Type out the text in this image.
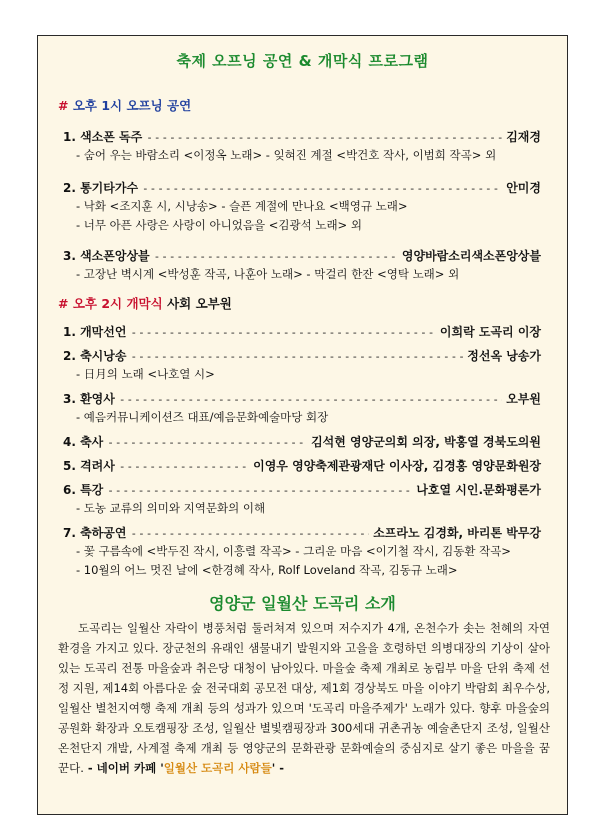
축제 오프닝 공연 & 개막식 프로그램
# 오후 1시 오프닝 공연
1. 색소폰 독주 -----	김재경
- 숨어 우는 바람소리 <이정옥 노래> - 잊혀진 계절 <박건호 작사, 이범희 작곡> 외
2. 통기타가수 -----	안미경
- 낙화 <조지훈 시, 시낭송> - 슬픈 계절에 만나요 <백영규 노래>
- 너무 아픈 사랑은 사랑이 아니었음을 <김광석 노래> 외
3. 색소폰앙상블 -----	영양바람소리색소폰앙상블
- 고장난 벽시계 <박성훈 작곡, 나훈아 노래> - 막걸리 한잔 <영탁 노래> 외
# 오후 2시 개막식 사회 오부원
1. 개막선언 -----	이희락 도곡리 이장
2. 축시낭송 -----	정선옥 낭송가
- 日月의 노래 <나호열 시>
3. 환영사 -----	오부원
- 예음커뮤니케이션즈 대표/예음문화예술마당 회장
4. 축사 -----	김석현 영양군의회 의장, 박홍열 경북도의원
5. 격려사 -----	이영우 영양축제관광재단 이사장, 김경홍 영양문화원장
6. 특강 -----	나호열 시인.문화평론가
- 도농 교류의 의미와 지역문화의 이해
7. 축하공연 -----	소프라노 김경화, 바리톤 박무강
- 꽃 구름속에 <박두진 작시, 이흥렬 작곡> - 그리운 마음 <이기철 작시, 김동환 작곡>
- 10월의 어느 멋진 날에 <한경혜 작사, Rolf Loveland 작곡, 김동규 노래>
영양군 일월산 도곡리 소개
도곡리는 일월산 자락이 병풍처럼 둘러쳐져 있으며 저수지가 4개, 온천수가 솟는 천혜의 자연환경을 가지고 있다. 장군천의 유래인 샘물내기 발원지와 고을을 호령하던 의병대장의 기상이 살아있는 도곡리 전통 마을숲과 취은당 대청이 남아있다. 마을숲 축제 개최로 농림부 마을 단위 축제 선정 지원, 제14회 아름다운 숲 전국대회 공모전 대상, 제1회 경상북도 마을 이야기 박람회 최우수상, 일월산 별천지여행 축제 개최 등의 성과가 있으며 '도곡리 마을주제가' 노래가 있다. 향후 마을숲의 공원화 확장과 오토캠핑장 조성, 일월산 별빛캠핑장과 300세대 귀촌귀농 예술촌단지 조성, 일월산온천단지 개발, 사계절 축제 개최 등 영양군의 문화관광 문화예술의 중심지로 살기 좋은 마을을 꿈꾼다. - 네이버 카페 '일월산 도곡리 사람들' -
